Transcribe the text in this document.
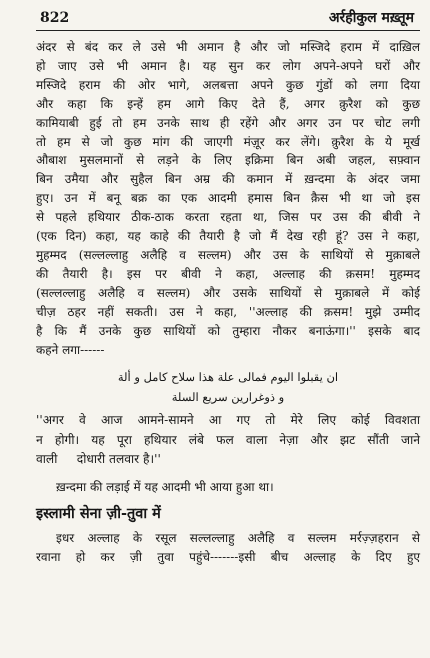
822	अर्रहीकुल मख़्तूम
अंदर से बंद कर ले उसे भी अमान है और जो मस्जिदे हराम में दाख़िल
हो जाए उसे भी अमान है। यह सुन कर लोग अपने-अपने घरों और
मस्जिदे हराम की ओर भागे, अलबत्ता अपने कुछ गुंडों को लगा दिया
और कहा कि इन्हें हम आगे किए देते हैं, अगर क़ुरैश को कुछ
कामियाबी हुई तो हम उनके साथ ही रहेंगे और अगर उन पर चोट लगी
तो हम से जो कुछ मांग की जाएगी मंज़ूर कर लेंगे। क़ुरैश के ये मूर्ख
औबाश मुसलमानों से लड़ने के लिए इक्रिमा बिन अबी जहल, सफ़्वान
बिन उमैया और सुहैल बिन अम्र की कमान में ख़न्दमा के अंदर जमा
हुए। उन में बनू बक्र का एक आदमी हमास बिन क़ैस भी था जो इस
से पहले हथियार ठीक-ठाक करता रहता था, जिस पर उस की बीवी ने
(एक दिन) कहा, यह काहे की तैयारी है जो मैं देख रही हूं? उस ने कहा,
मुहम्मद (सल्लल्लाहु अलैहि व सल्लम) और उस के साथियों से मुक़ाबले
की तैयारी है। इस पर बीवी ने कहा, अल्लाह की क़सम! मुहम्मद
(सल्लल्लाहु अलैहि व सल्लम) और उसके साथियों से मुक़ाबले में कोई
चीज़ ठहर नहीं सकती। उस ने कहा, ''अल्लाह की क़सम! मुझे उम्मीद
है कि मैं उनके कुछ साथियों को तुम्हारा नौकर बनाऊंगा।'' इसके बाद
कहने लगा------
ان يقبلوا اليوم فمالى علة هذا سلاح كامل و ألة
و ذوغرارين سريع السلة
''अगर वे आज आमने-सामने आ गए तो मेरे लिए कोई विवशता
न होगी। यह पूरा हथियार लंबे फल वाला नेज़ा और झट सौंती जाने
वाली     दोधारी तलवार है।''
ख़न्दमा की लड़ाई में यह आदमी भी आया हुआ था।
इस्लामी सेना ज़ी-तुवा में
इधर अल्लाह के रसूल सल्लल्लाहु अलैहि व सल्लम मर्रज़्ज़हरान से
रवाना हो कर ज़ी तुवा पहुंचे-------इसी बीच अल्लाह के दिए हुए
